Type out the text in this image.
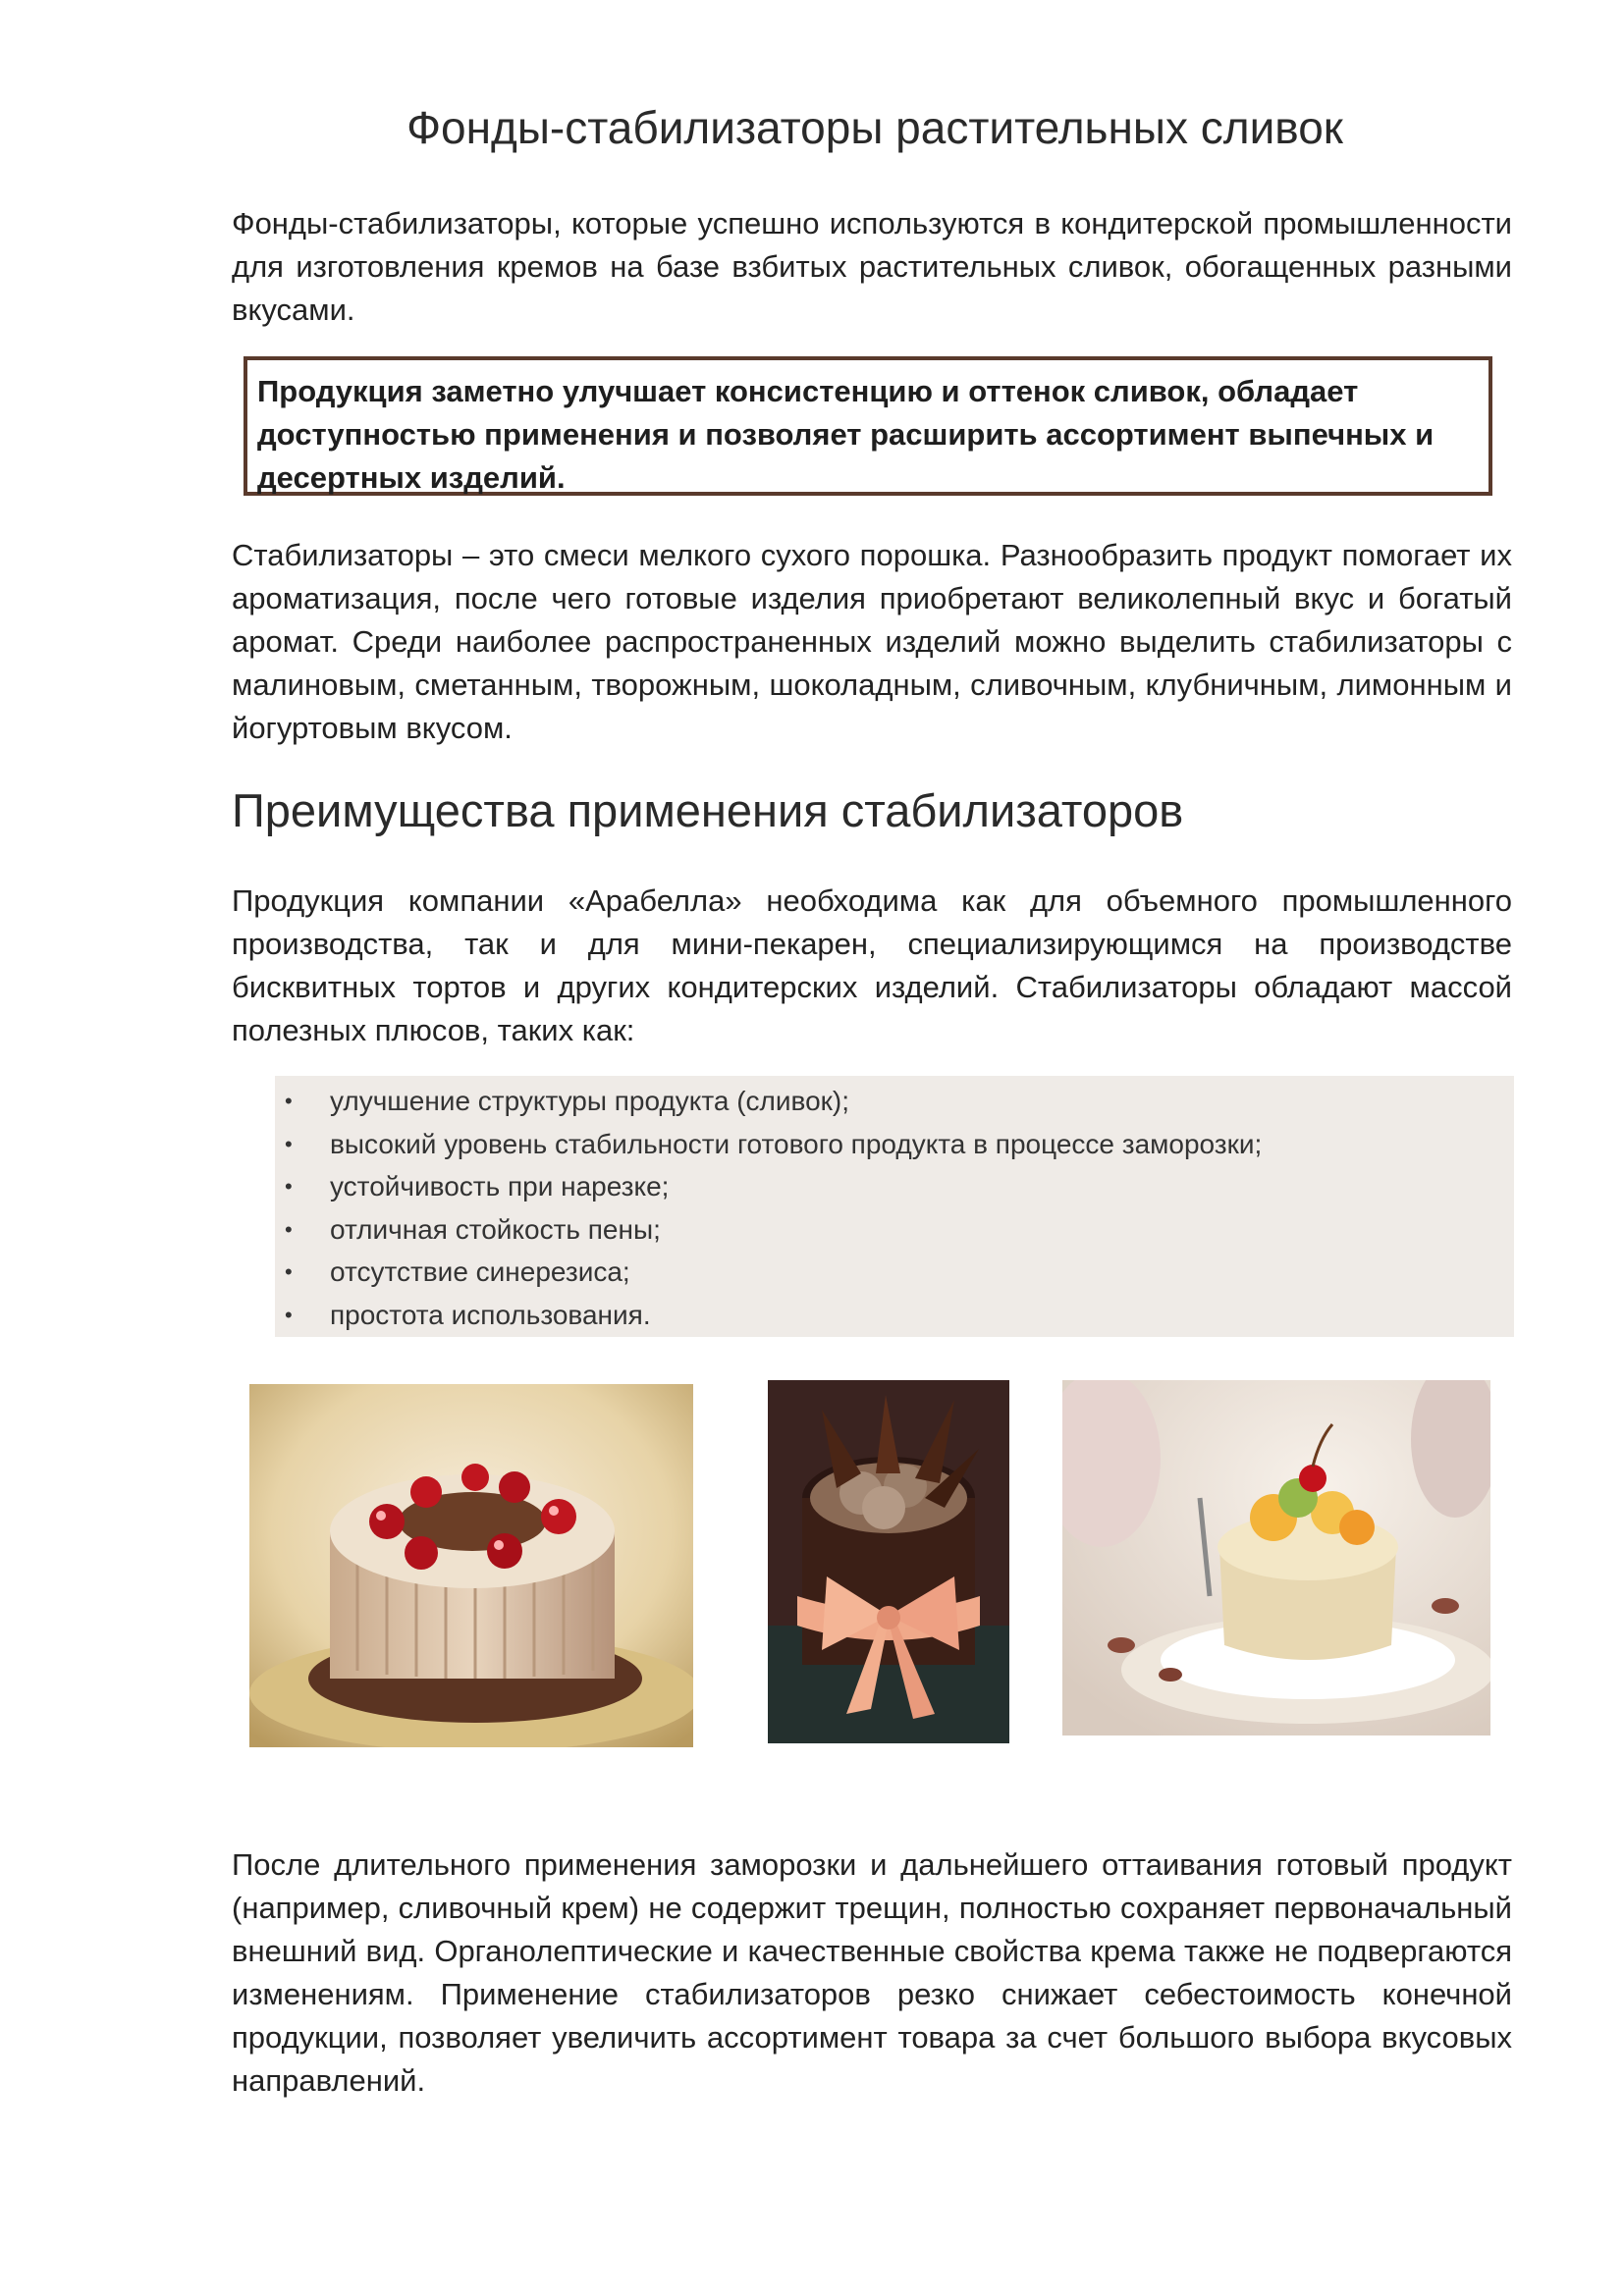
Фонды-стабилизаторы растительных сливок

Фонды-стабилизаторы, которые успешно используются в кондитерской промышленности для изготовления кремов на базе взбитых растительных сливок, обогащенных разными вкусами.

Продукция заметно улучшает консистенцию и оттенок сливок, обладает доступностью применения и позволяет расширить ассортимент выпечных и десертных изделий.

Стабилизаторы – это смеси мелкого сухого порошка. Разнообразить продукт помогает их ароматизация, после чего готовые изделия приобретают великолепный вкус и богатый аромат. Среди наиболее распространенных изделий можно выделить стабилизаторы с малиновым, сметанным, творожным, шоколадным, сливочным, клубничным, лимонным и йогуртовым вкусом.

Преимущества применения стабилизаторов

Продукция компании «Арабелла» необходима как для объемного промышленного производства, так и для мини-пекарен, специализирующимся на производстве бисквитных тортов и других кондитерских изделий. Стабилизаторы обладают массой полезных плюсов, таких как:

• улучшение структуры продукта (сливок);
• высокий уровень стабильности готового продукта в процессе заморозки;
• устойчивость при нарезке;
• отличная стойкость пены;
• отсутствие синерезиса;
• простота использования.

После длительного применения заморозки и дальнейшего оттаивания готовый продукт (например, сливочный крем) не содержит трещин, полностью сохраняет первоначальный внешний вид. Органолептические и качественные свойства крема также не подвергаются изменениям. Применение стабилизаторов резко снижает себестоимость конечной продукции, позволяет увеличить ассортимент товара за счет большого выбора вкусовых направлений.
